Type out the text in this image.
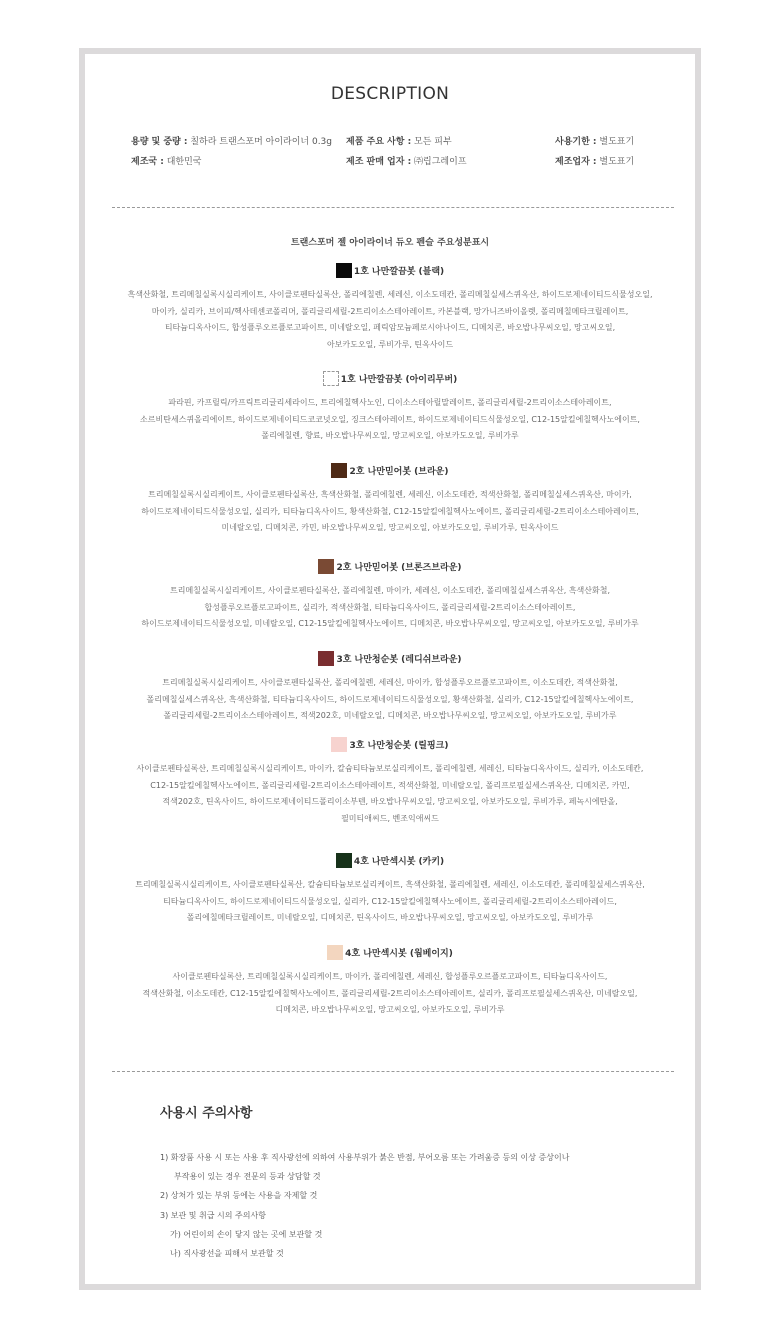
DESCRIPTION
용량 및 중량 : 칠하라 트랜스포머 아이라이너 0.3g 제품 주요 사항 : 모든 피부	사용기한 : 별도표기
제조국 : 대한민국	제조 판매 업자 : ㈜립그레이프	제조업자 : 별도표기
트랜스포머 젤 아이라이너 듀오 펜슬 주요성분표시
1호 나만깔끔봇 (블랙)
흑색산화철, 트리메칠실록시실리케이트, 사이클로펜타실록산, 폴리에칠렌, 세레신, 이소도데칸, 폴리메칠실세스퀴옥산, 하이드로제네이티드식물성오일,
마이카, 실리카, 브이피/헥사데센코폴리머, 폴리글리세릴-2트리이소스테아레이트, 카본블랙, 망가니즈바이올렛, 폴리메칠메타크릴레이트,
티타늄디옥사이드, 합성플루오르플로고파이트, 미네랄오일, 페릭암모늄페로시아나이드, 디메치콘, 바오밥나무씨오일, 망고씨오일,
아보카도오일, 루비가루, 틴옥사이드
1호 나만깔끔봇 (아이리무버)
파라핀, 카프릴릭/카프릭트리글리세라이드, 트리에칠헥사노인, 디이소스테아릴말레이트, 폴리글리세릴-2트리이소스테아레이트,
소르비탄세스퀴올리에이트, 하이드로제네이티드코코넛오일, 징크스테아레이트, 하이드로제네이티드식물성오일, C12-15알킬에칠헥사노에이트,
폴리에칠렌, 향료, 바오밥나무씨오일, 망고씨오일, 아보카도오일, 루비가루
2호 나만믿어봇 (브라운)
트리메칠실록시실리케이트, 사이클로펜타실록산, 흑색산화철, 폴리에칠렌, 세레신, 이소도데칸, 적색산화철, 폴리메칠실세스퀴옥산, 마이카,
하이드로제네이티드식물성오일, 실리카, 티타늄디옥사이드, 황색산화철, C12-15알킬에칠헥사노에이트, 폴리글리세릴-2트리이소스테아레이트,
미네랄오일, 디메치콘, 카민, 바오밥나무씨오일, 망고씨오일, 아보카도오일, 루비가루, 틴옥사이드
2호 나만믿어봇 (브론즈브라운)
트리메칠실록시실리케이트, 사이클로펜타실록산, 폴리에칠렌, 마이카, 세레신, 이소도데칸, 폴리메칠실세스퀴옥산, 흑색산화철,
합성플루오르플로고파이트, 실리카, 적색산화철, 티타늄디옥사이드, 폴리글리세릴-2트리이소스테아레이트,
하이드로제네이티드식물성오일, 미네랄오일, C12-15알킬에칠헥사노에이트, 디메치콘, 바오밥나무씨오일, 망고씨오일, 아보카도오일, 루비가루
3호 나만청순봇 (레디쉬브라운)
트리메칠실록시실리케이트, 사이클로펜타실록산, 폴리에칠렌, 세레신, 마이카, 합성플루오르플로고파이트, 이소도데칸, 적색산화철,
폴리메칠실세스퀴옥산, 흑색산화철, 티타늄디옥사이드, 하이드로제네이티드식물성오일, 황색산화철, 실리카, C12-15알킬에칠헥사노에이트,
폴리글리세릴-2트리이소스테아레이트, 적색202호, 미네랄오일, 디메치콘, 바오밥나무씨오일, 망고씨오일, 아보카도오일, 루비가루
3호 나만청순봇 (릴핑크)
사이클로펜타실록산, 트리메칠실록시실리케이트, 마이카, 칼슘티타늄보로실리케이트, 폴리에칠렌, 세레신, 티타늄디옥사이드, 실리카, 이소도데칸,
C12-15알킬에칠헥사노에이트, 폴리글리세릴-2트리이소스테아레이트, 적색산화철, 미네랄오일, 폴리프로필실세스퀴옥산, 디메치콘, 카민,
적색202호, 틴옥사이드, 하이드로제네이티드폴리이소부텐, 바오밥나무씨오일, 망고씨오일, 아보카도오일, 루비가루, 페녹시에탄올,
필미티애씨드, 벤조익애씨드
4호 나만섹시봇 (카키)
트리메칠실록시실리케이트, 사이클로펜타실록산, 칼슘티타늄보로실리케이트, 흑색산화철, 폴리에칠렌, 세레신, 이소도데칸, 폴리메칠실세스퀴옥산,
티타늄디옥사이드, 하이드로제네이티드식물성오일, 실리카, C12-15알킬에칠헥사노에이트, 폴리글리세릴-2트리이소스테아레이드,
폴리에칠메타크릴레이트, 미네랄오일, 디메치콘, 틴옥사이드, 바오밥나무씨오일, 망고씨오일, 아보카도오일, 루비가루
4호 나만섹시봇 (웜베이지)
사이클로펜타실록산, 트리메칠실록시실리케이트, 마이카, 폴리에칠렌, 세레신, 합성플루오르플로고파이트, 티타늄디옥사이드,
적색산화철, 이소도데칸, C12-15알킬에칠헥사노에이트, 폴리글리세릴-2트리이소스테아레이트, 실리카, 폴리프로필실세스퀴옥산, 미네랄오일,
디메치콘, 바오밥나무씨오일, 망고씨오일, 아보카도오일, 루비가루
사용시 주의사항
1) 화장품 사용 시 또는 사용 후 직사광선에 의하여 사용부위가 붉은 반점, 부어오름 또는 가려움증 등의 이상 증상이나
부작용이 있는 경우 전문의 등과 상담할 것
2) 상처가 있는 부위 등에는 사용을 자제할 것
3) 보관 및 취급 시의 주의사항
가) 어린이의 손이 닿지 않는 곳에 보관할 것
나) 직사광선을 피해서 보관할 것
